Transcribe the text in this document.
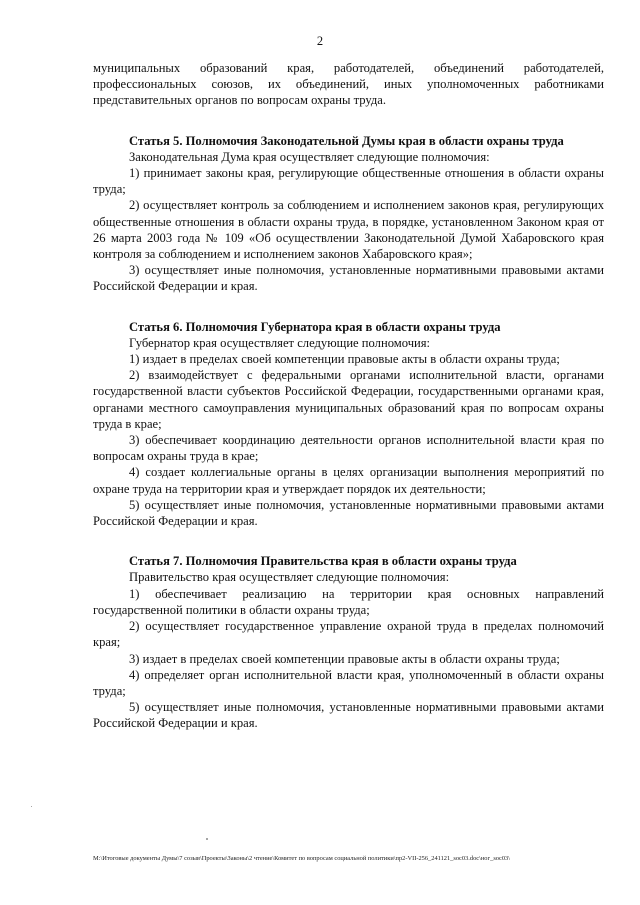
2

муниципальных образований края, работодателей, объединений работодателей, профессиональных союзов, их объединений, иных уполномоченных работниками представительных органов по вопросам охраны труда.

Статья 5. Полномочия Законодательной Думы края в области охраны труда

Законодательная Дума края осуществляет следующие полномочия:

1) принимает законы края, регулирующие общественные отношения в области охраны труда;

2) осуществляет контроль за соблюдением и исполнением законов края, регулирующих общественные отношения в области охраны труда, в порядке, установленном Законом края от 26 марта 2003 года № 109 «Об осуществлении Законодательной Думой Хабаровского края контроля за соблюдением и исполнением законов Хабаровского края»;

3) осуществляет иные полномочия, установленные нормативными правовыми актами Российской Федерации и края.

Статья 6. Полномочия Губернатора края в области охраны труда

Губернатор края осуществляет следующие полномочия:

1) издает в пределах своей компетенции правовые акты в области охраны труда;

2) взаимодействует с федеральными органами исполнительной власти, органами государственной власти субъектов Российской Федерации, государственными органами края, органами местного самоуправления муниципальных образований края по вопросам охраны труда в крае;

3) обеспечивает координацию деятельности органов исполнительной власти края по вопросам охраны труда в крае;

4) создает коллегиальные органы в целях организации выполнения мероприятий по охране труда на территории края и утверждает порядок их деятельности;

5) осуществляет иные полномочия, установленные нормативными правовыми актами Российской Федерации и края.

Статья 7. Полномочия Правительства края в области охраны труда

Правительство края осуществляет следующие полномочия:

1) обеспечивает реализацию на территории края основных направлений государственной политики в области охраны труда;

2) осуществляет государственное управление охраной труда в пределах полномочий края;

3) издает в пределах своей компетенции правовые акты в области охраны труда;

4) определяет орган исполнительной власти края, уполномоченный в области охраны труда;

5) осуществляет иные полномочия, установленные нормативными правовыми актами Российской Федерации и края.

M:\Итоговые документы Думы\7 созыв\Проекты\Законы\2 чтение\Комитет по вопросам социальной политики\пр2-VII-256_241121_soc03.doc\ног_soc03\
